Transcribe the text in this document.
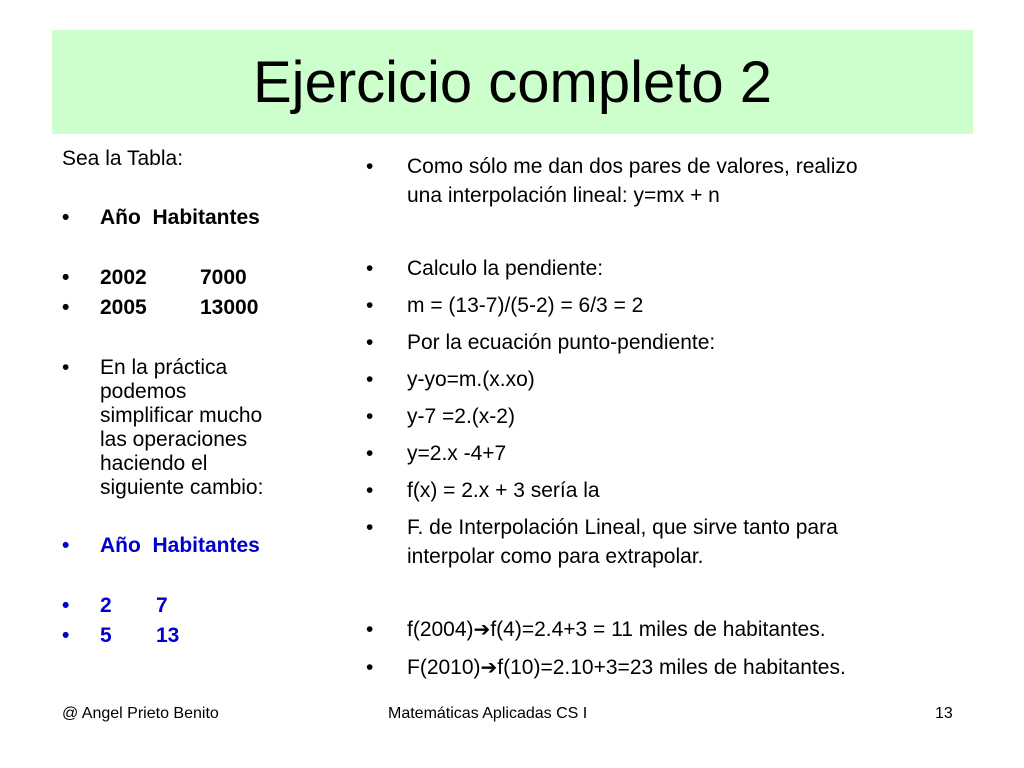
Ejercicio completo 2
Sea la Tabla:
•	Año Habitantes
•	2002	7000
•	2005	13000
•	En la práctica
podemos
simplificar mucho
las operaciones
haciendo el
siguiente cambio:
•	Año Habitantes
•	2 7
•	5 13
•	Como sólo me dan dos pares de valores, realizo
una interpolación lineal: y=mx + n
•	Calculo la pendiente:
•	m = (13-7)/(5-2) = 6/3 = 2
•	Por la ecuación punto-pendiente:
•	y-yo=m.(x.xo)
•	y-7 =2.(x-2)
•	y=2.x -4+7
•	f(x) = 2.x + 3 sería la
•	F. de Interpolación Lineal, que sirve tanto para
interpolar como para extrapolar.
•	f(2004)➔f(4)=2.4+3 = 11 miles de habitantes.
•	F(2010)➔f(10)=2.10+3=23 miles de habitantes.
@ Angel Prieto Benito	Matemáticas Aplicadas CS I	13
